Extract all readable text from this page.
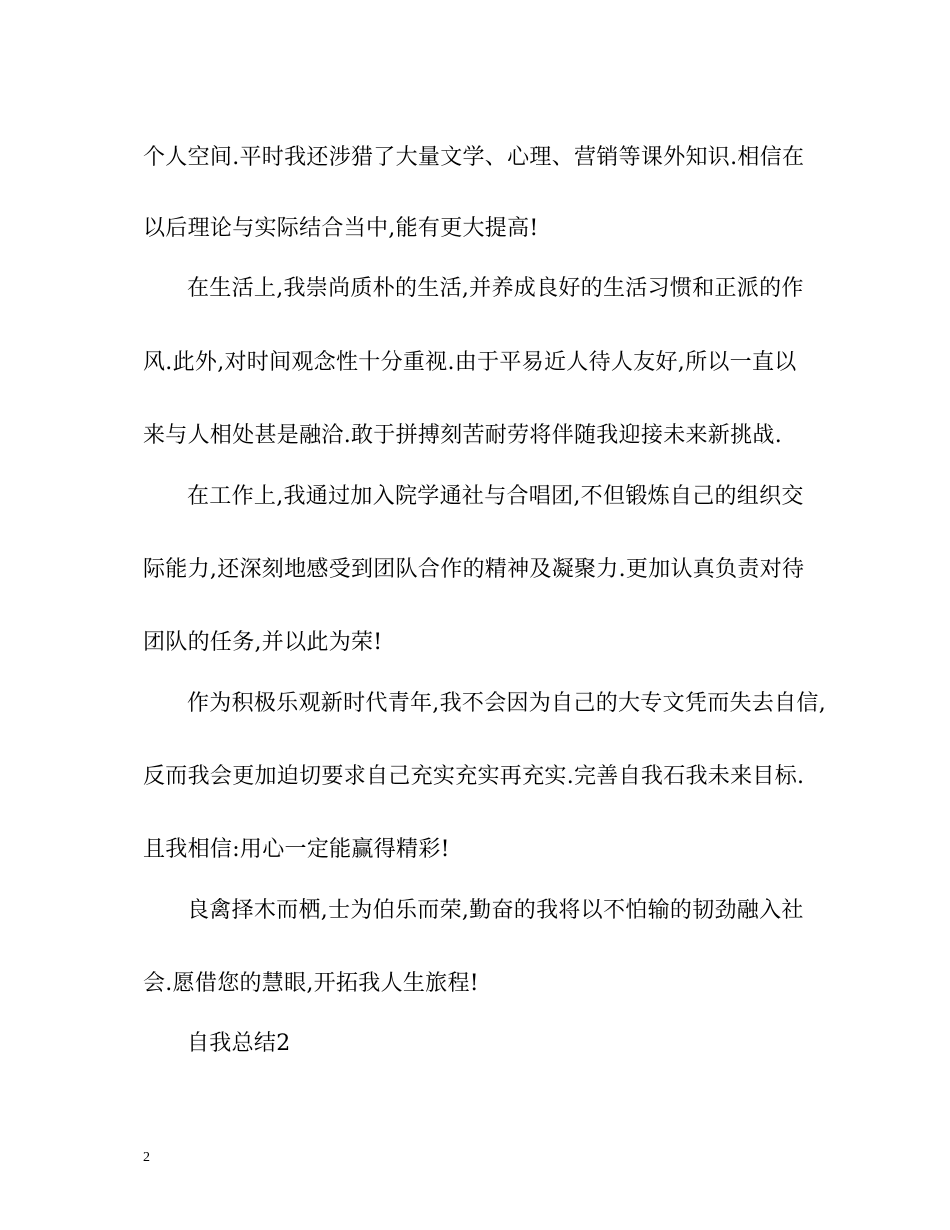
个人空间.平时我还涉猎了大量文学、心理、营销等课外知识.相信在
以后理论与实际结合当中,能有更大提高!
在生活上,我崇尚质朴的生活,并养成良好的生活习惯和正派的作
风.此外,对时间观念性十分重视.由于平易近人待人友好,所以一直以
来与人相处甚是融洽.敢于拼搏刻苦耐劳将伴随我迎接未来新挑战.
在工作上,我通过加入院学通社与合唱团,不但锻炼自己的组织交
际能力,还深刻地感受到团队合作的精神及凝聚力.更加认真负责对待
团队的任务,并以此为荣!
作为积极乐观新时代青年,我不会因为自己的大专文凭而失去自信,
反而我会更加迫切要求自己充实充实再充实.完善自我石我未来目标.
且我相信:用心一定能赢得精彩!
良禽择木而栖,士为伯乐而荣,勤奋的我将以不怕输的韧劲融入社
会.愿借您的慧眼,开拓我人生旅程!
自我总结2
2
